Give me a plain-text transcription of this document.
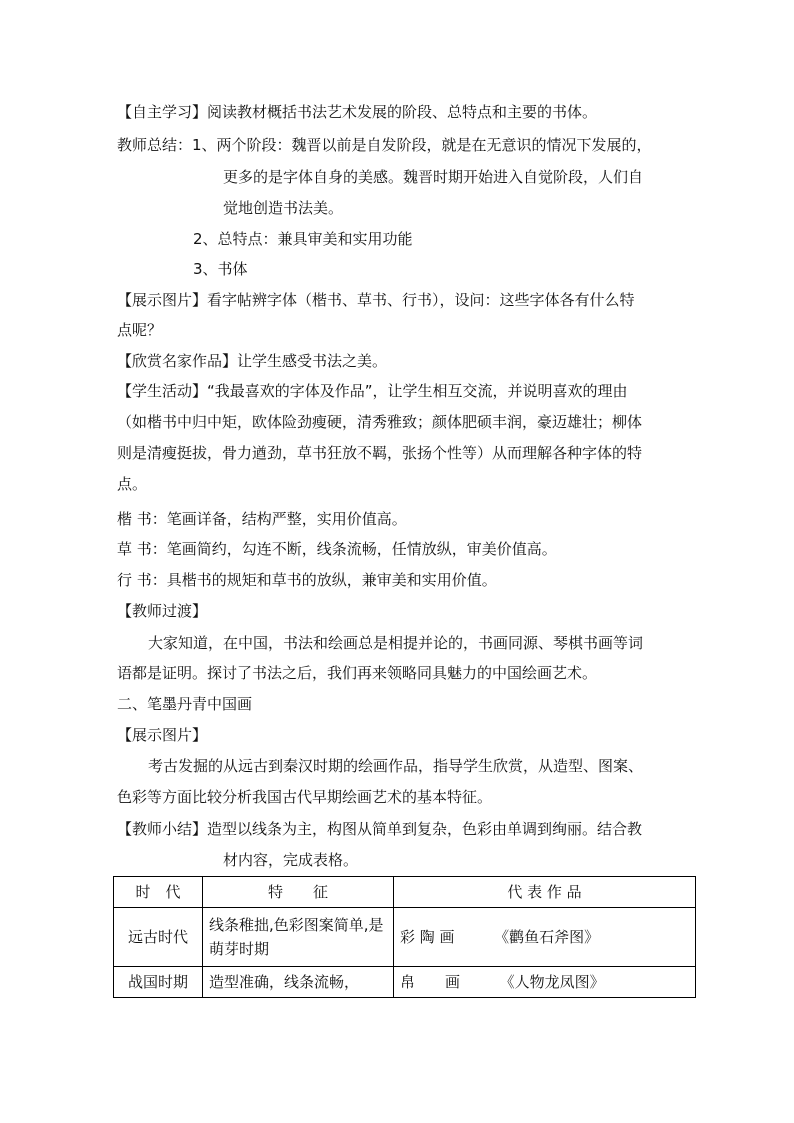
【自主学习】阅读教材概括书法艺术发展的阶段、总特点和主要的书体。
教师总结：1、两个阶段：魏晋以前是自发阶段，就是在无意识的情况下发展的，
更多的是字体自身的美感。魏晋时期开始进入自觉阶段，人们自
觉地创造书法美。
2、总特点：兼具审美和实用功能
3、书体
【展示图片】看字帖辨字体（楷书、草书、行书），设问：这些字体各有什么特
点呢？
【欣赏名家作品】让学生感受书法之美。
【学生活动】“我最喜欢的字体及作品”，让学生相互交流，并说明喜欢的理由
（如楷书中归中矩，欧体险劲瘦硬，清秀雅致；颜体肥硕丰润，豪迈雄壮；柳体
则是清瘦挺拔，骨力遒劲，草书狂放不羁，张扬个性等）从而理解各种字体的特
点。
楷 书：笔画详备，结构严整，实用价值高。
草 书：笔画简约，勾连不断，线条流畅，任情放纵，审美价值高。
行 书：具楷书的规矩和草书的放纵，兼审美和实用价值。
【教师过渡】
大家知道，在中国，书法和绘画总是相提并论的，书画同源、琴棋书画等词
语都是证明。探讨了书法之后，我们再来领略同具魅力的中国绘画艺术。
二、笔墨丹青中国画
【展示图片】
考古发掘的从远古到秦汉时期的绘画作品，指导学生欣赏，从造型、图案、
色彩等方面比较分析我国古代早期绘画艺术的基本特征。
【教师小结】造型以线条为主，构图从简单到复杂，色彩由单调到绚丽。结合教
材内容，完成表格。
时　代	特　　征	代 表 作 品
远古时代	线条稚拙,色彩图案简单,是萌芽时期	彩 陶 画 《鹳鱼石斧图》
战国时期	造型准确，线条流畅，	帛　　画 《人物龙凤图》
